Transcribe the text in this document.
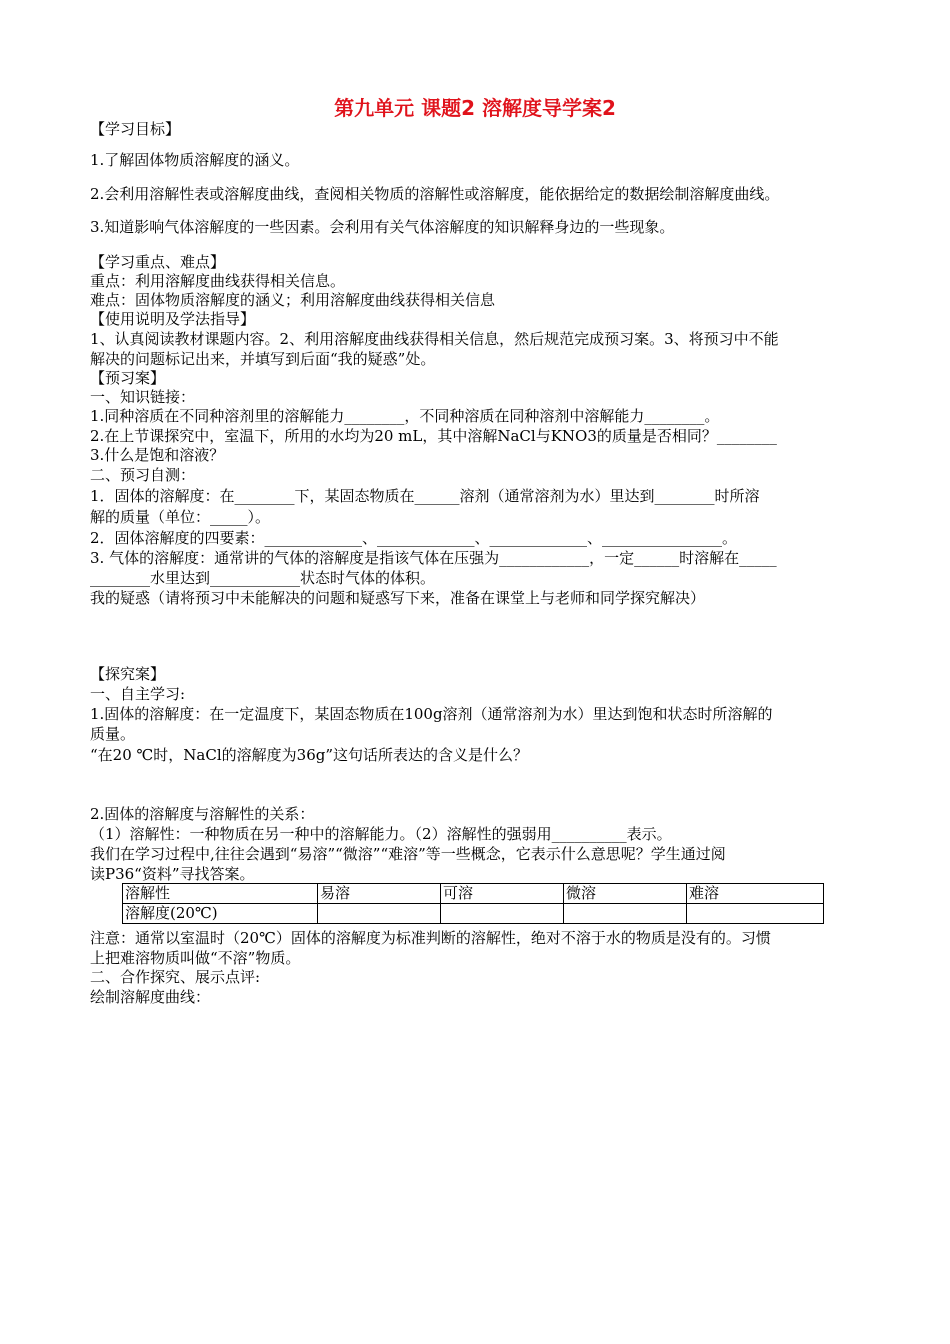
第九单元 课题2 溶解度导学案2
【学习目标】
1.了解固体物质溶解度的涵义。
2.会利用溶解性表或溶解度曲线，查阅相关物质的溶解性或溶解度，能依据给定的数据绘制溶解度曲线。
3.知道影响气体溶解度的一些因素。会利用有关气体溶解度的知识解释身边的一些现象。
【学习重点、难点】
重点：利用溶解度曲线获得相关信息。
难点：固体物质溶解度的涵义；利用溶解度曲线获得相关信息
【使用说明及学法指导】
1、认真阅读教材课题内容。2、利用溶解度曲线获得相关信息，然后规范完成预习案。3、将预习中不能
解决的问题标记出来，并填写到后面“我的疑惑”处。
【预习案】
一、知识链接：
1.同种溶质在不同种溶剂里的溶解能力________，不同种溶质在同种溶剂中溶解能力________。
2.在上节课探究中，室温下，所用的水均为20 mL，其中溶解NaCl与KNO3的质量是否相同？________
3.什么是饱和溶液？
二、预习自测：
1．固体的溶解度：在________下，某固态物质在______溶剂（通常溶剂为水）里达到________时所溶
解的质量（单位：_____）。
2．固体溶解度的四要素：_____________、_____________、_____________、________________。
3. 气体的溶解度：通常讲的气体的溶解度是指该气体在压强为____________，一定______时溶解在_____
________水里达到____________状态时气体的体积。
我的疑惑（请将预习中未能解决的问题和疑惑写下来，准备在课堂上与老师和同学探究解决）
【探究案】
一、自主学习:
1.固体的溶解度：在一定温度下，某固态物质在100g溶剂（通常溶剂为水）里达到饱和状态时所溶解的
质量。
“在20 ℃时，NaCl的溶解度为36g”这句话所表达的含义是什么？
2.固体的溶解度与溶解性的关系：
（1）溶解性：一种物质在另一种中的溶解能力。（2）溶解性的强弱用__________表示。
我们在学习过程中,往往会遇到“易溶”“微溶”“难溶”等一些概念，它表示什么意思呢？学生通过阅
读P36“资料”寻找答案。
溶解性	易溶	可溶	微溶	难溶
溶解度(20℃)				
注意：通常以室温时（20℃）固体的溶解度为标准判断的溶解性，绝对不溶于水的物质是没有的。习惯
上把难溶物质叫做“不溶”物质。
二、合作探究、展示点评:
绘制溶解度曲线：
